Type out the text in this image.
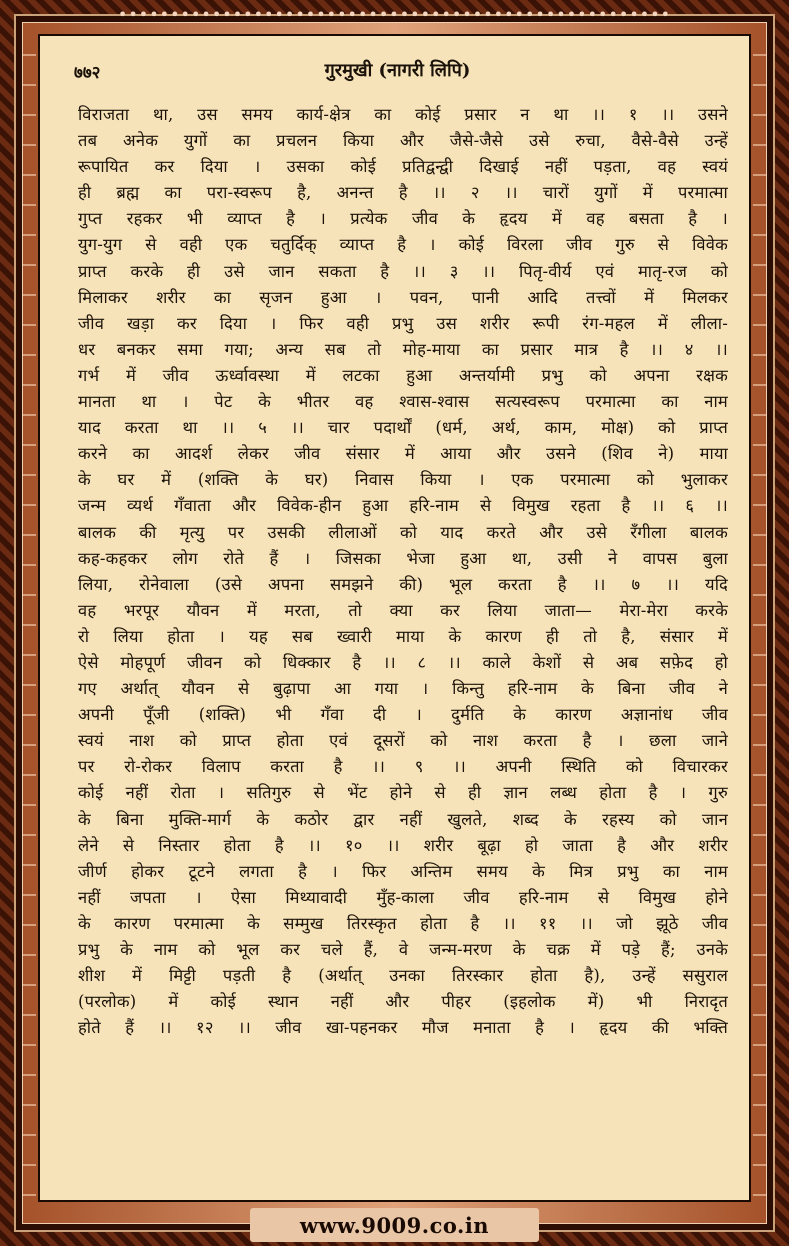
•••••••••••••••••••••••••••••••••••••••••••••••••••••
७७२	गुरमुखी (नागरी लिपि)
विराजता था, उस समय कार्य-क्षेत्र का कोई प्रसार न था ।। १ ।। उसने
तब अनेक युगों का प्रचलन किया और जैसे-जैसे उसे रुचा, वैसे-वैसे उन्हें
रूपायित कर दिया । उसका कोई प्रतिद्वन्द्वी दिखाई नहीं पड़ता, वह स्वयं
ही ब्रह्म का परा-स्वरूप है, अनन्त है ।। २ ।। चारों युगों में परमात्मा
गुप्त रहकर भी व्याप्त है । प्रत्येक जीव के हृदय में वह बसता है ।
युग-युग से वही एक चतुर्दिक् व्याप्त है । कोई विरला जीव गुरु से विवेक
प्राप्त करके ही उसे जान सकता है ।। ३ ।। पितृ-वीर्य एवं मातृ-रज को
मिलाकर शरीर का सृजन हुआ । पवन, पानी आदि तत्त्वों में मिलकर
जीव खड़ा कर दिया । फिर वही प्रभु उस शरीर रूपी रंग-महल में लीला-
धर बनकर समा गया; अन्य सब तो मोह-माया का प्रसार मात्र है ।। ४ ।।
गर्भ में जीव ऊर्ध्वावस्था में लटका हुआ अन्तर्यामी प्रभु को अपना रक्षक
मानता था । पेट के भीतर वह श्वास-श्वास सत्यस्वरूप परमात्मा का नाम
याद करता था ।। ५ ।। चार पदार्थों (धर्म, अर्थ, काम, मोक्ष) को प्राप्त
करने का आदर्श लेकर जीव संसार में आया और उसने (शिव ने) माया
के घर में (शक्ति के घर) निवास किया । एक परमात्मा को भुलाकर
जन्म व्यर्थ गँवाता और विवेक-हीन हुआ हरि-नाम से विमुख रहता है ।। ६ ।।
बालक की मृत्यु पर उसकी लीलाओं को याद करते और उसे रँगीला बालक
कह-कहकर लोग रोते हैं । जिसका भेजा हुआ था, उसी ने वापस बुला
लिया, रोनेवाला (उसे अपना समझने की) भूल करता है ।। ७ ।। यदि
वह भरपूर यौवन में मरता, तो क्या कर लिया जाता— मेरा-मेरा करके
रो लिया होता । यह सब ख्वारी माया के कारण ही तो है, संसार में
ऐसे मोहपूर्ण जीवन को धिक्कार है ।। ८ ।। काले केशों से अब सफ़ेद हो
गए अर्थात् यौवन से बुढ़ापा आ गया । किन्तु हरि-नाम के बिना जीव ने
अपनी पूँजी (शक्ति) भी गँवा दी । दुर्मति के कारण अज्ञानांध जीव
स्वयं नाश को प्राप्त होता एवं दूसरों को नाश करता है । छला जाने
पर रो-रोकर विलाप करता है ।। ९ ।। अपनी स्थिति को विचारकर
कोई नहीं रोता । सतिगुरु से भेंट होने से ही ज्ञान लब्ध होता है । गुरु
के बिना मुक्ति-मार्ग के कठोर द्वार नहीं खुलते, शब्द के रहस्य को जान
लेने से निस्तार होता है ।। १० ।। शरीर बूढ़ा हो जाता है और शरीर
जीर्ण होकर टूटने लगता है । फिर अन्तिम समय के मित्र प्रभु का नाम
नहीं जपता । ऐसा मिथ्यावादी मुँह-काला जीव हरि-नाम से विमुख होने
के कारण परमात्मा के सम्मुख तिरस्कृत होता है ।। ११ ।। जो झूठे जीव
प्रभु के नाम को भूल कर चले हैं, वे जन्म-मरण के चक्र में पड़े हैं; उनके
शीश में मिट्टी पड़ती है (अर्थात् उनका तिरस्कार होता है), उन्हें ससुराल
(परलोक) में कोई स्थान नहीं और पीहर (इहलोक में) भी निरादृत
होते हैं ।। १२ ।। जीव खा-पहनकर मौज मनाता है । हृदय की भक्ति
www.9009.co.in
